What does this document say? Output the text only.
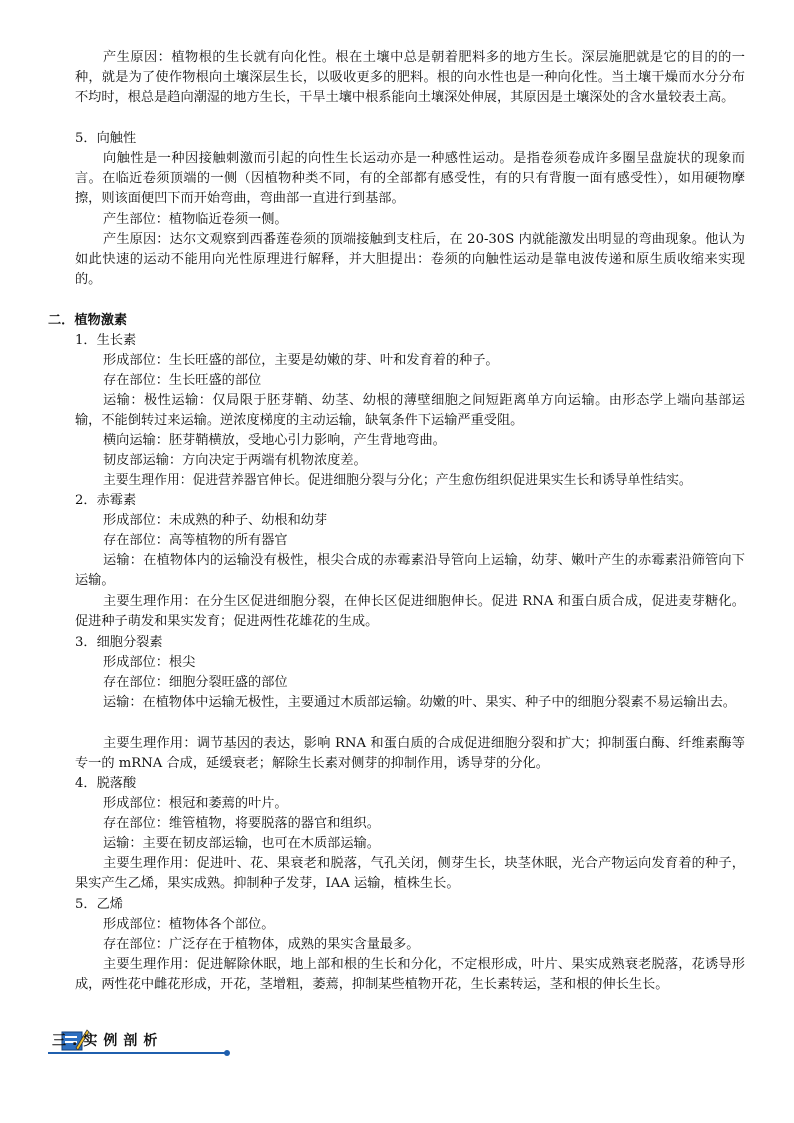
产生原因：植物根的生长就有向化性。根在土壤中总是朝着肥料多的地方生长。深层施肥就是它的目的的一种，就是为了使作物根向土壤深层生长，以吸收更多的肥料。根的向水性也是一种向化性。当土壤干燥而水分分布不均时，根总是趋向潮湿的地方生长，干旱土壤中根系能向土壤深处伸展，其原因是土壤深处的含水量较表土高。
5．向触性
向触性是一种因接触刺激而引起的向性生长运动亦是一种感性运动。是指卷须卷成许多圈呈盘旋状的现象而言。在临近卷须顶端的一侧（因植物种类不同，有的全部都有感受性，有的只有背腹一面有感受性），如用硬物摩擦，则该面便凹下而开始弯曲，弯曲部一直进行到基部。
产生部位：植物临近卷须一侧。
产生原因：达尔文观察到西番莲卷须的顶端接触到支柱后，在 20-30S 内就能激发出明显的弯曲现象。他认为如此快速的运动不能用向光性原理进行解释，并大胆提出：卷须的向触性运动是靠电波传递和原生质收缩来实现的。
二．植物激素
1．生长素
形成部位：生长旺盛的部位，主要是幼嫩的芽、叶和发育着的种子。
存在部位：生长旺盛的部位
运输：极性运输：仅局限于胚芽鞘、幼茎、幼根的薄壁细胞之间短距离单方向运输。由形态学上端向基部运输，不能倒转过来运输。逆浓度梯度的主动运输，缺氧条件下运输严重受阻。
横向运输：胚芽鞘横放，受地心引力影响，产生背地弯曲。
韧皮部运输：方向决定于两端有机物浓度差。
主要生理作用：促进营养器官伸长。促进细胞分裂与分化；产生愈伤组织促进果实生长和诱导单性结实。
2．赤霉素
形成部位：未成熟的种子、幼根和幼芽
存在部位：高等植物的所有器官
运输：在植物体内的运输没有极性，根尖合成的赤霉素沿导管向上运输，幼芽、嫩叶产生的赤霉素沿筛管向下运输。
主要生理作用：在分生区促进细胞分裂，在伸长区促进细胞伸长。促进 RNA 和蛋白质合成，促进麦芽糖化。促进种子萌发和果实发育；促进两性花雄花的生成。
3．细胞分裂素
形成部位：根尖
存在部位：细胞分裂旺盛的部位
运输：在植物体中运输无极性，主要通过木质部运输。幼嫩的叶、果实、种子中的细胞分裂素不易运输出去。
主要生理作用：调节基因的表达，影响 RNA 和蛋白质的合成促进细胞分裂和扩大；抑制蛋白酶、纤维素酶等专一的 mRNA 合成，延缓衰老；解除生长素对侧芽的抑制作用，诱导芽的分化。
4．脱落酸
形成部位：根冠和萎蔫的叶片。
存在部位：维管植物，将要脱落的器官和组织。
运输：主要在韧皮部运输，也可在木质部运输。
主要生理作用：促进叶、花、果衰老和脱落，气孔关闭，侧芽生长，块茎休眠，光合产物运向发育着的种子，果实产生乙烯，果实成熟。抑制种子发芽，IAA 运输，植株生长。
5．乙烯
形成部位：植物体各个部位。
存在部位：广泛存在于植物体，成熟的果实含量最多。
主要生理作用：促进解除休眠，地上部和根的生长和分化，不定根形成，叶片、果实成熟衰老脱落，花诱导形成，两性花中雌花形成，开花，茎增粗，萎蔫，抑制某些植物开花，生长素转运，茎和根的伸长生长。
三.实例剖析
